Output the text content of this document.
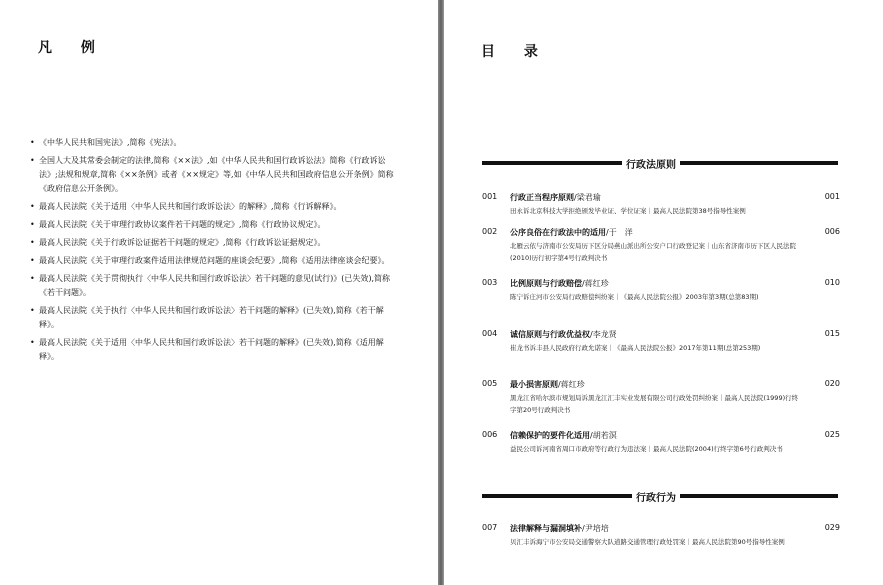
凡 例
• 《中华人民共和国宪法》,简称《宪法》。
• 全国人大及其常委会制定的法律,简称《××法》,如《中华人民共和国行政诉讼法》简称《行政诉讼法》;法规和规章,简称《××条例》或者《××规定》等,如《中华人民共和国政府信息公开条例》简称《政府信息公开条例》。
• 最高人民法院《关于适用〈中华人民共和国行政诉讼法〉的解释》,简称《行诉解释》。
• 最高人民法院《关于审理行政协议案件若干问题的规定》,简称《行政协议规定》。
• 最高人民法院《关于行政诉讼证据若干问题的规定》,简称《行政诉讼证据规定》。
• 最高人民法院《关于审理行政案件适用法律规范问题的座谈会纪要》,简称《适用法律座谈会纪要》。
• 最高人民法院《关于贯彻执行〈中华人民共和国行政诉讼法〉若干问题的意见(试行)》(已失效),简称《若干问题》。
• 最高人民法院《关于执行〈中华人民共和国行政诉讼法〉若干问题的解释》(已失效),简称《若干解释》。
• 最高人民法院《关于适用〈中华人民共和国行政诉讼法〉若干问题的解释》(已失效),简称《适用解释》。
目 录
行政法原则
001 行政正当程序原则/梁君瑜	001
田永诉北京科技大学拒绝颁发毕业证、学位证案｜最高人民法院第38号指导性案例
002 公序良俗在行政法中的适用/于　洋	006
北雁云依与济南市公安局历下区分局燕山派出所公安户口行政登记案｜山东省济南市历下区人民法院(2010)历行初字第4号行政判决书
003 比例原则与行政赔偿/蒋红珍	010
陈宁诉庄河市公安局行政赔偿纠纷案｜《最高人民法院公报》2003年第3期(总第83期)
004 诚信原则与行政优益权/李龙贤	015
崔龙书诉丰县人民政府行政允诺案｜《最高人民法院公报》2017年第11期(总第253期)
005 最小损害原则/蒋红珍	020
黑龙江省哈尔滨市规划局诉黑龙江汇丰实业发展有限公司行政处罚纠纷案｜最高人民法院(1999)行终字第20号行政判决书
006 信赖保护的要件化适用/胡若溟	025
益民公司诉河南省周口市政府等行政行为违法案｜最高人民法院(2004)行终字第6号行政判决书
行政行为
007 法律解释与漏洞填补/尹培培	029
贝汇丰诉海宁市公安局交通警察大队道路交通管理行政处罚案｜最高人民法院第90号指导性案例
